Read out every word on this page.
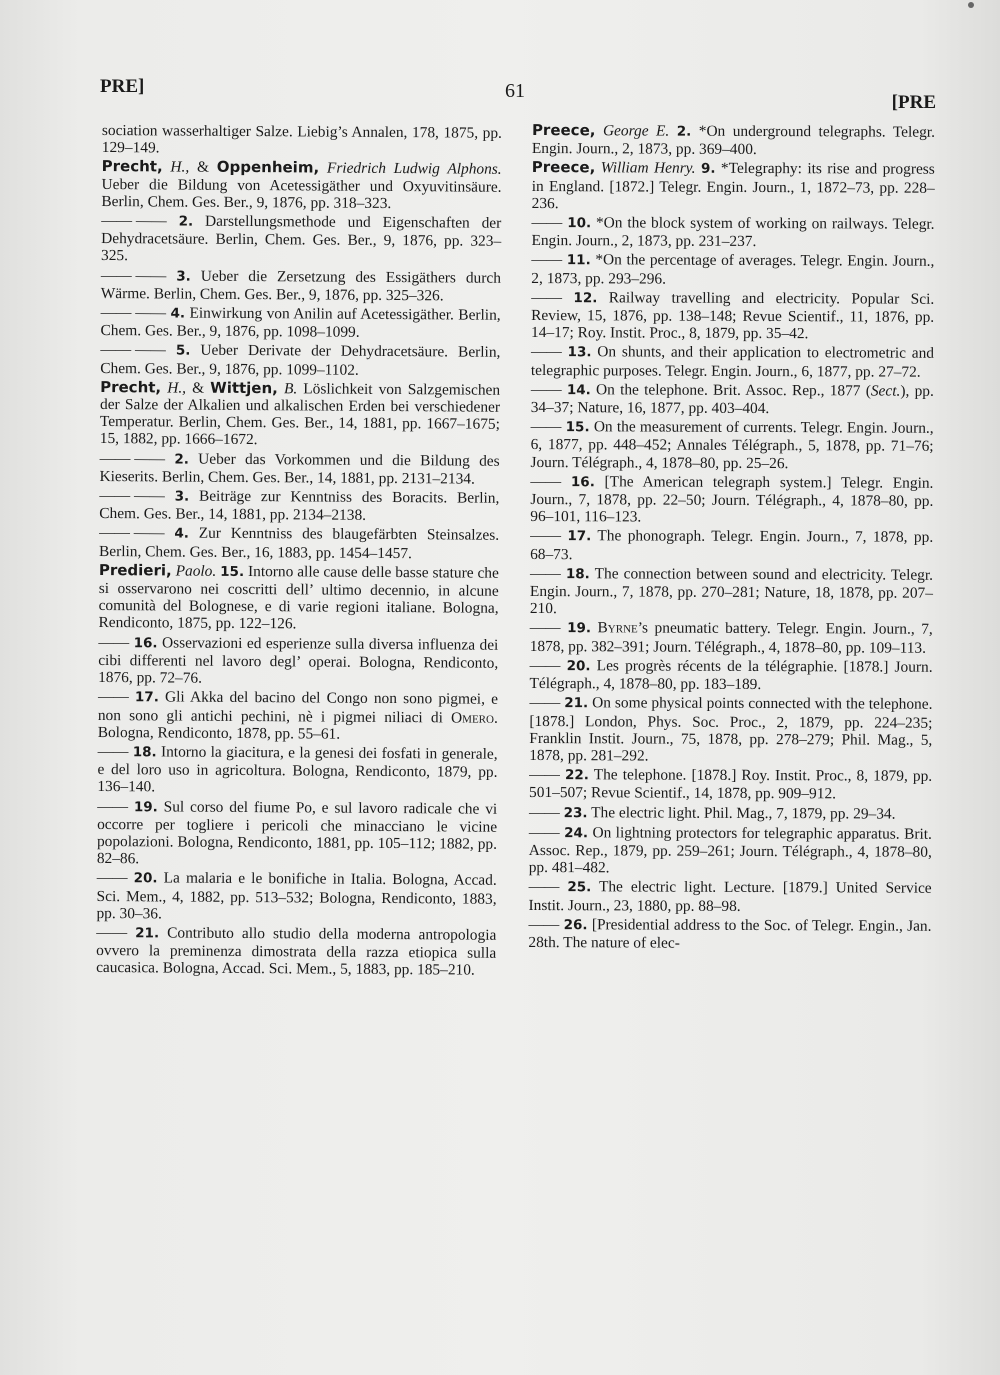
PRE]	61
[PRE

sociation wasserhaltiger Salze. Liebig’s Annalen, 178, 1875, pp. 129–149.

Precht, H., & Oppenheim, Friedrich Ludwig Alphons. Ueber die Bildung von Acetessigäther und Oxyuvitinsäure. Berlin, Chem. Ges. Ber., 9, 1876, pp. 318–323.

—— —— 2. Darstellungsmethode und Eigenschaften der Dehydracetsäure. Berlin, Chem. Ges. Ber., 9, 1876, pp. 323–325.

—— —— 3. Ueber die Zersetzung des Essigäthers durch Wärme. Berlin, Chem. Ges. Ber., 9, 1876, pp. 325–326.

—— —— 4. Einwirkung von Anilin auf Acetessigäther. Berlin, Chem. Ges. Ber., 9, 1876, pp. 1098–1099.

—— —— 5. Ueber Derivate der Dehydracetsäure. Berlin, Chem. Ges. Ber., 9, 1876, pp. 1099–1102.

Precht, H., & Wittjen, B. Löslichkeit von Salzgemischen der Salze der Alkalien und alkalischen Erden bei verschiedener Temperatur. Berlin, Chem. Ges. Ber., 14, 1881, pp. 1667–1675; 15, 1882, pp. 1666–1672.

—— —— 2. Ueber das Vorkommen und die Bildung des Kieserits. Berlin, Chem. Ges. Ber., 14, 1881, pp. 2131–2134.

—— —— 3. Beiträge zur Kenntniss des Boracits. Berlin, Chem. Ges. Ber., 14, 1881, pp. 2134–2138.

—— —— 4. Zur Kenntniss des blaugefärbten Steinsalzes. Berlin, Chem. Ges. Ber., 16, 1883, pp. 1454–1457.

Predieri, Paolo. 15. Intorno alle cause delle basse stature che si osservarono nei coscritti dell’ ultimo decennio, in alcune comunità del Bolognese, e di varie regioni italiane. Bologna, Rendiconto, 1875, pp. 122–126.

—— 16. Osservazioni ed esperienze sulla diversa influenza dei cibi differenti nel lavoro degl’ operai. Bologna, Rendiconto, 1876, pp. 72–76.

—— 17. Gli Akka del bacino del Congo non sono pigmei, e non sono gli antichi pechini, nè i pigmei niliaci di Omero. Bologna, Rendiconto, 1878, pp. 55–61.

—— 18. Intorno la giacitura, e la genesi dei fosfati in generale, e del loro uso in agricoltura. Bologna, Rendiconto, 1879, pp. 136–140.

—— 19. Sul corso del fiume Po, e sul lavoro radicale che vi occorre per togliere i pericoli che minacciano le vicine popolazioni. Bologna, Rendiconto, 1881, pp. 105–112; 1882, pp. 82–86.

—— 20. La malaria e le bonifiche in Italia. Bologna, Accad. Sci. Mem., 4, 1882, pp. 513–532; Bologna, Rendiconto, 1883, pp. 30–36.

—— 21. Contributo allo studio della moderna antropologia ovvero la preminenza dimostrata della razza etiopica sulla caucasica. Bologna, Accad. Sci. Mem., 5, 1883, pp. 185–210.

Preece, George E. 2. *On underground telegraphs. Telegr. Engin. Journ., 2, 1873, pp. 369–400.

Preece, William Henry. 9. *Telegraphy: its rise and progress in England. [1872.] Telegr. Engin. Journ., 1, 1872–73, pp. 228–236.

—— 10. *On the block system of working on railways. Telegr. Engin. Journ., 2, 1873, pp. 231–237.

—— 11. *On the percentage of averages. Telegr. Engin. Journ., 2, 1873, pp. 293–296.

—— 12. Railway travelling and electricity. Popular Sci. Review, 15, 1876, pp. 138–148; Revue Scientif., 11, 1876, pp. 14–17; Roy. Instit. Proc., 8, 1879, pp. 35–42.

—— 13. On shunts, and their application to electrometric and telegraphic purposes. Telegr. Engin. Journ., 6, 1877, pp. 27–72.

—— 14. On the telephone. Brit. Assoc. Rep., 1877 (Sect.), pp. 34–37; Nature, 16, 1877, pp. 403–404.

—— 15. On the measurement of currents. Telegr. Engin. Journ., 6, 1877, pp. 448–452; Annales Télégraph., 5, 1878, pp. 71–76; Journ. Télégraph., 4, 1878–80, pp. 25–26.

—— 16. [The American telegraph system.] Telegr. Engin. Journ., 7, 1878, pp. 22–50; Journ. Télégraph., 4, 1878–80, pp. 96–101, 116–123.

—— 17. The phonograph. Telegr. Engin. Journ., 7, 1878, pp. 68–73.

—— 18. The connection between sound and electricity. Telegr. Engin. Journ., 7, 1878, pp. 270–281; Nature, 18, 1878, pp. 207–210.

—— 19. Byrne’s pneumatic battery. Telegr. Engin. Journ., 7, 1878, pp. 382–391; Journ. Télégraph., 4, 1878–80, pp. 109–113.

—— 20. Les progrès récents de la télégraphie. [1878.] Journ. Télégraph., 4, 1878–80, pp. 183–189.

—— 21. On some physical points connected with the telephone. [1878.] London, Phys. Soc. Proc., 2, 1879, pp. 224–235; Franklin Instit. Journ., 75, 1878, pp. 278–279; Phil. Mag., 5, 1878, pp. 281–292.

—— 22. The telephone. [1878.] Roy. Instit. Proc., 8, 1879, pp. 501–507; Revue Scientif., 14, 1878, pp. 909–912.

—— 23. The electric light. Phil. Mag., 7, 1879, pp. 29–34.

—— 24. On lightning protectors for telegraphic apparatus. Brit. Assoc. Rep., 1879, pp. 259–261; Journ. Télégraph., 4, 1878–80, pp. 481–482.

—— 25. The electric light. Lecture. [1879.] United Service Instit. Journ., 23, 1880, pp. 88–98.

—— 26. [Presidential address to the Soc. of Telegr. Engin., Jan. 28th. The nature of elec-
